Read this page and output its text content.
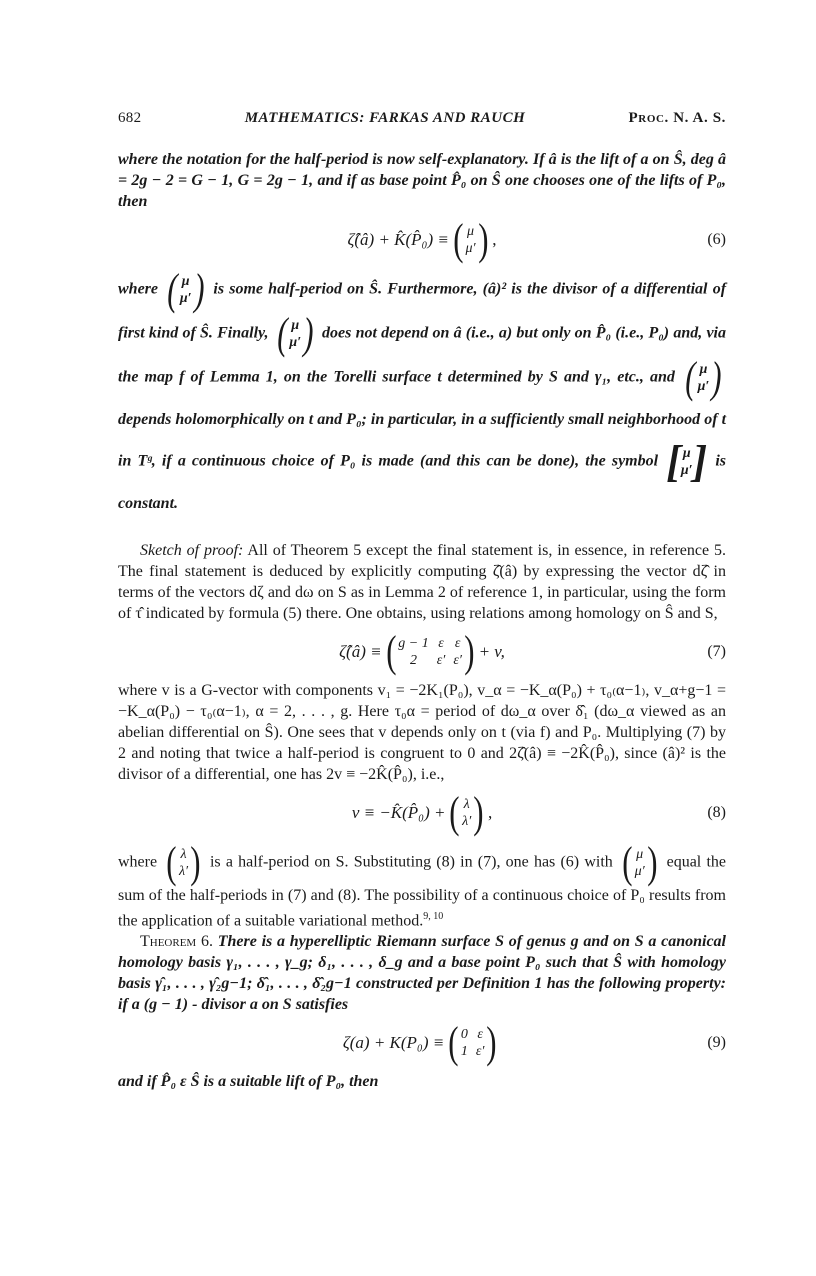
682	MATHEMATICS: FARKAS AND RAUCH	Proc. N. A. S.

where the notation for the half-period is now self-explanatory. If â is the lift of a on Ŝ, deg â = 2g − 2 = G − 1, G = 2g − 1, and if as base point P̂₀ on Ŝ one chooses one of the lifts of P₀, then

ζ̂(â) + K̂(P̂₀) ≡ ( μ
μ′ ) ,	(6)

where ( μ
μ′ ) is some half-period on Ŝ. Furthermore, (â)² is the divisor of a differential of first kind of Ŝ. Finally, ( μ
μ′ ) does not depend on â (i.e., a) but only on P̂₀ (i.e., P₀) and, via the map f of Lemma 1, on the Torelli surface t determined by S and γ₁, etc., and ( μ
μ′ )
depends holomorphically on t and P₀; in particular, in a sufficiently small neighborhood of t in Tᵍ, if a continuous choice of P₀ is made (and this can be done), the symbol [ μ
μ′ ] is constant.

Sketch of proof: All of Theorem 5 except the final statement is, in essence, in reference 5. The final statement is deduced by explicitly computing ζ̂(â) by expressing the vector dζ̂ in terms of the vectors dζ and dω on S as in Lemma 2 of reference 1, in particular, using the form of τ̂ indicated by formula (5) there. One obtains, using relations among homology on Ŝ and S,

ζ̂(â) ≡ ( g − 1 ε ε
2	ε′ ε′ ) + v,	(7)

where v is a G-vector with components v₁ = −2K₁(P₀), v_α = −K_α(P₀) + τ₀₍α−1₎, v_α+g−1 = −K_α(P₀) − τ₀₍α−1₎, α = 2, . . . , g. Here τ₀α = period of dω_α over δ̂₁ (dω_α viewed as an abelian differential on Ŝ). One sees that v depends only on t (via f) and P₀. Multiplying (7) by 2 and noting that twice a half-period is congruent to 0 and 2ζ̂(â) ≡ −2K̂(P̂₀), since (â)² is the divisor of a differential, one has 2v ≡ −2K̂(P̂₀), i.e.,

v ≡ −K̂(P̂₀) + ( λ
λ′ ) ,	(8)

where ( λ
λ′ ) is a half-period on S. Substituting (8) in (7), one has (6) with ( μ
μ′ ) equal the sum of the half-periods in (7) and (8). The possibility of a continuous choice of P₀ results from the application of a suitable variational method.$^{9, 10}$

Theorem 6. There is a hyperelliptic Riemann surface S of genus g and on S a canonical homology basis γ₁, . . . , γ_g; δ₁, . . . , δ_g and a base point P₀ such that Ŝ with homology basis γ̂₁, . . . , γ̂₂g−1; δ̂₁, . . . , δ̂₂g−1 constructed per Definition 1 has the following property: if a (g − 1) - divisor a on S satisfies

ζ(a) + K(P₀) ≡ ( 0 ε
1 ε′ )	(9)

and if P̂₀ ε Ŝ is a suitable lift of P₀, then
